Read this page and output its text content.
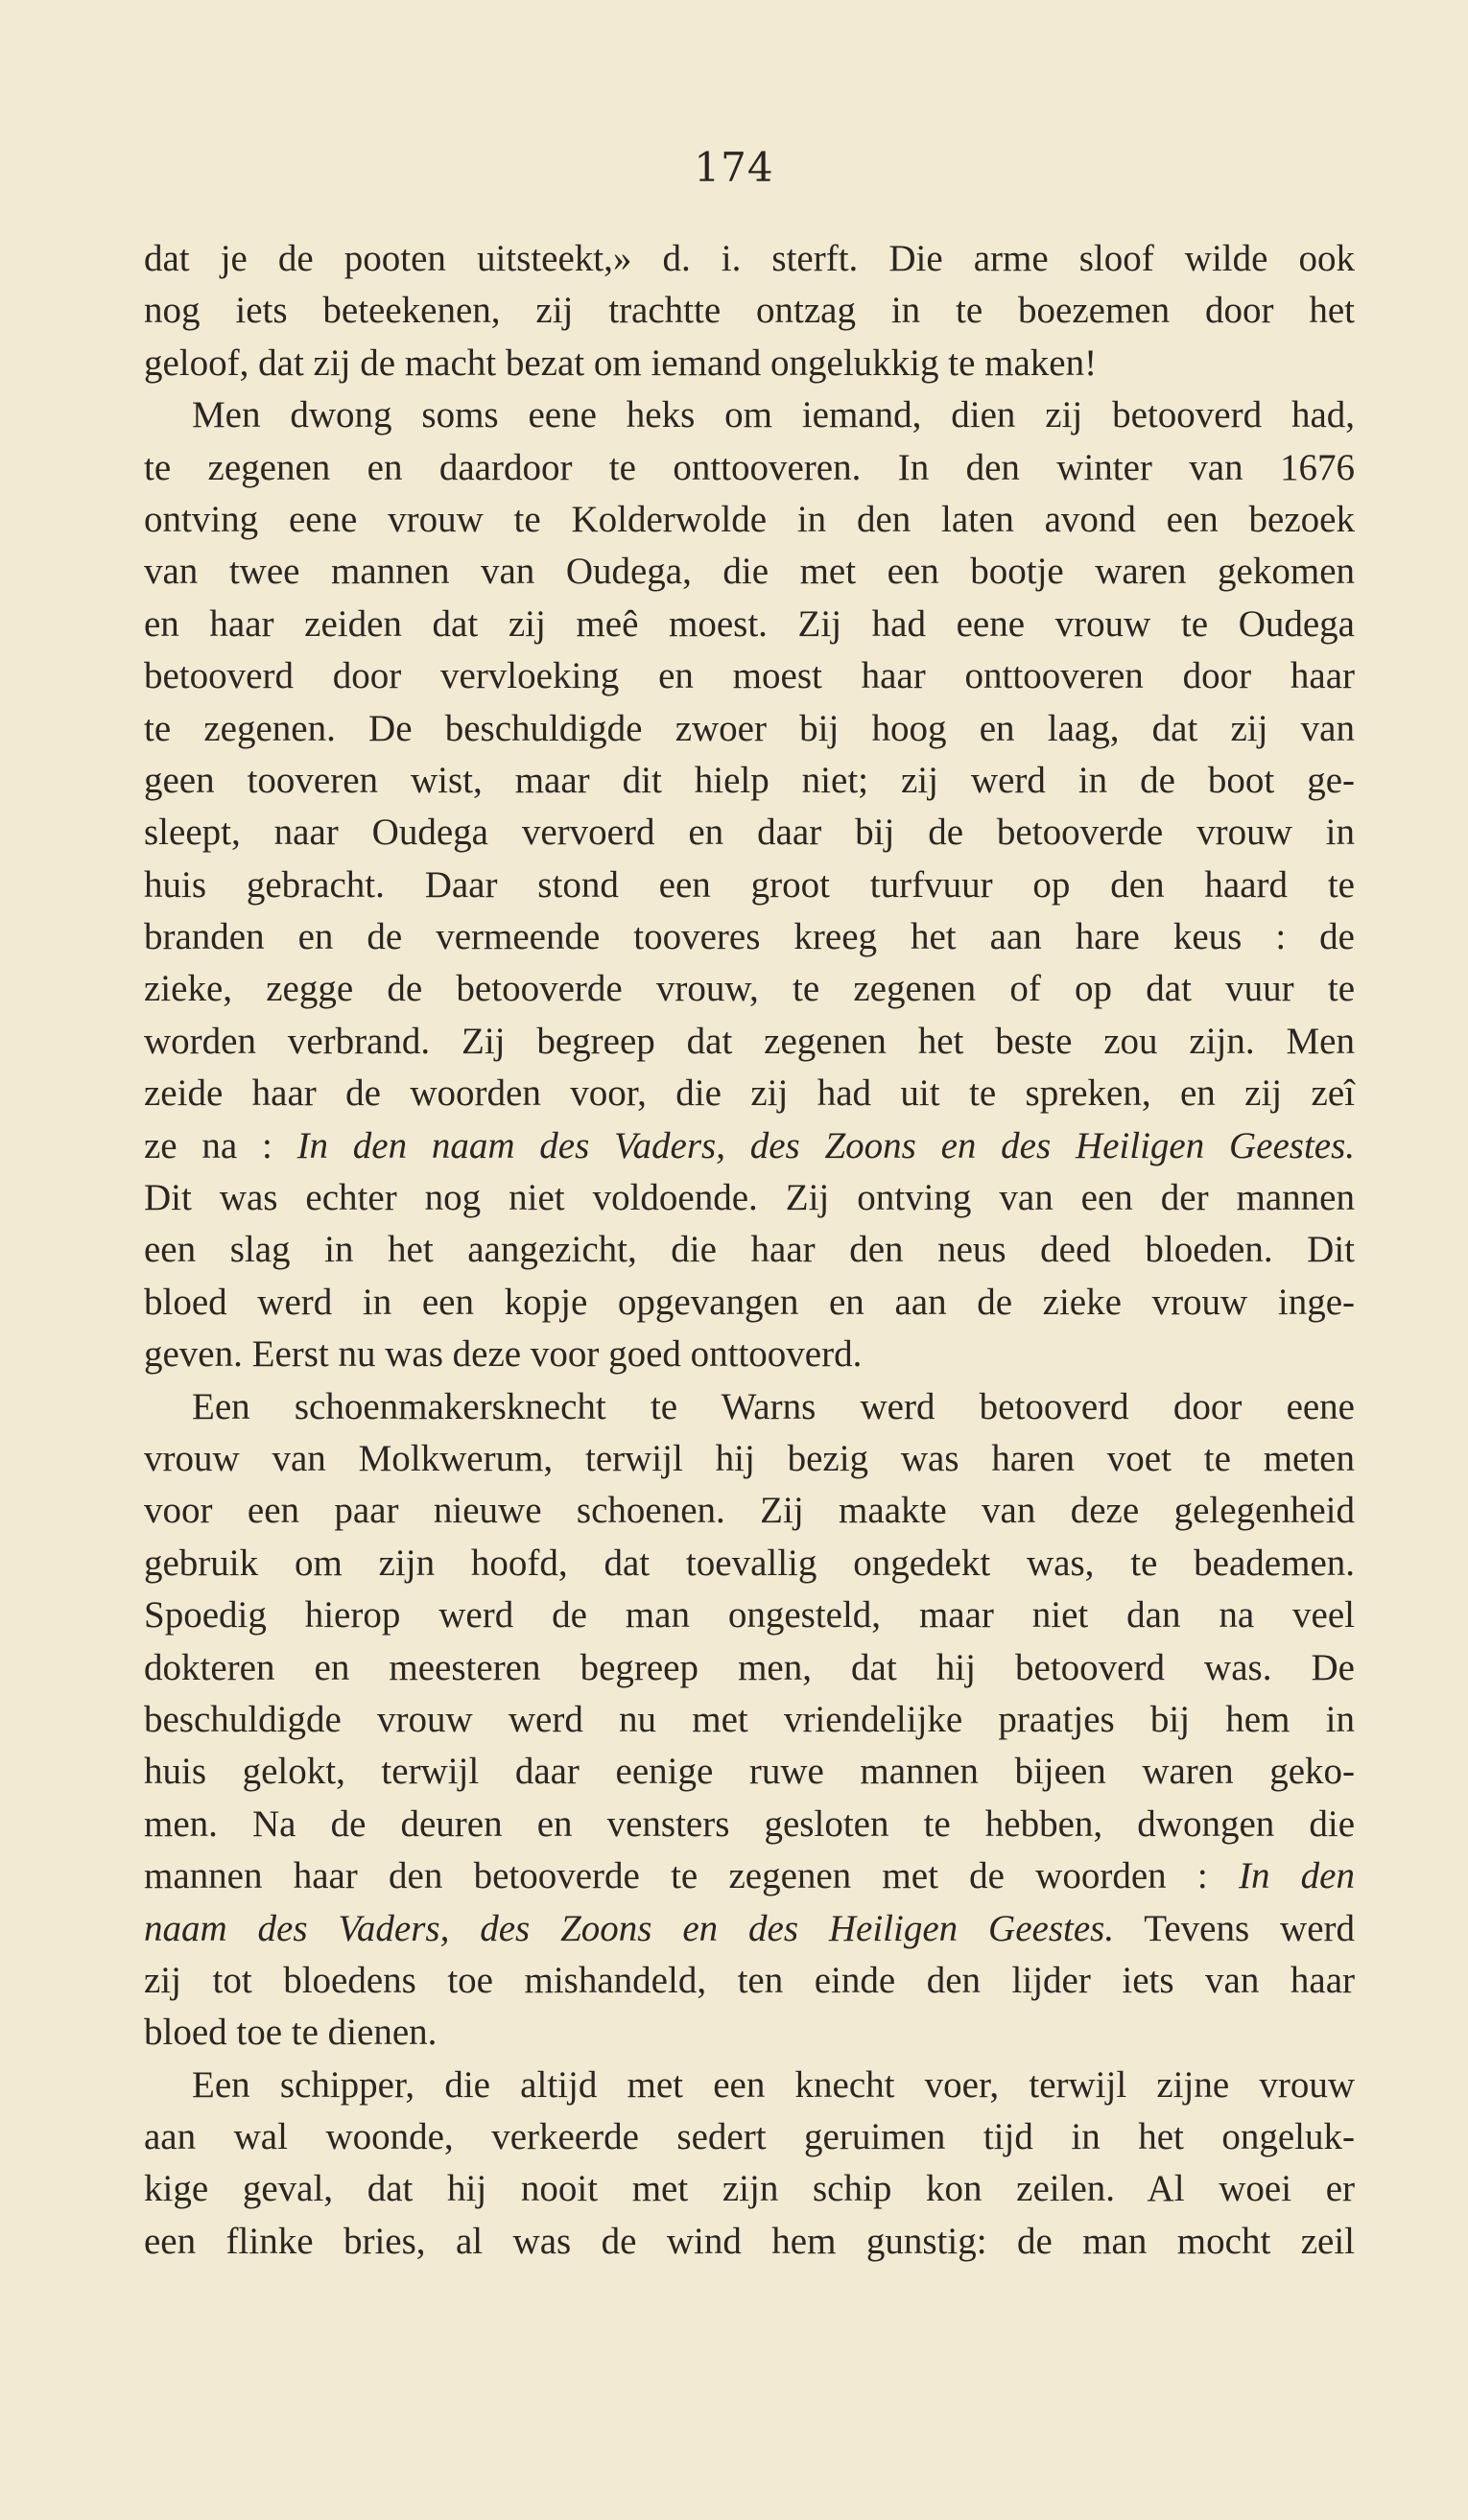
174
dat je de pooten uitsteekt,» d. i. sterft. Die arme sloof wilde ook
nog iets beteekenen, zij trachtte ontzag in te boezemen door het
geloof, dat zij de macht bezat om iemand ongelukkig te maken!
Men dwong soms eene heks om iemand, dien zij betooverd had,
te zegenen en daardoor te onttooveren. In den winter van 1676
ontving eene vrouw te Kolderwolde in den laten avond een bezoek
van twee mannen van Oudega, die met een bootje waren gekomen
en haar zeiden dat zij meê moest. Zij had eene vrouw te Oudega
betooverd door vervloeking en moest haar onttooveren door haar
te zegenen. De beschuldigde zwoer bij hoog en laag, dat zij van
geen tooveren wist, maar dit hielp niet; zij werd in de boot ge-
sleept, naar Oudega vervoerd en daar bij de betooverde vrouw in
huis gebracht. Daar stond een groot turfvuur op den haard te
branden en de vermeende tooveres kreeg het aan hare keus : de
zieke, zegge de betooverde vrouw, te zegenen of op dat vuur te
worden verbrand. Zij begreep dat zegenen het beste zou zijn. Men
zeide haar de woorden voor, die zij had uit te spreken, en zij zeî
ze na : In den naam des Vaders, des Zoons en des Heiligen Geestes.
Dit was echter nog niet voldoende. Zij ontving van een der mannen
een slag in het aangezicht, die haar den neus deed bloeden. Dit
bloed werd in een kopje opgevangen en aan de zieke vrouw inge-
geven. Eerst nu was deze voor goed onttooverd.
Een schoenmakersknecht te Warns werd betooverd door eene
vrouw van Molkwerum, terwijl hij bezig was haren voet te meten
voor een paar nieuwe schoenen. Zij maakte van deze gelegenheid
gebruik om zijn hoofd, dat toevallig ongedekt was, te beademen.
Spoedig hierop werd de man ongesteld, maar niet dan na veel
dokteren en meesteren begreep men, dat hij betooverd was. De
beschuldigde vrouw werd nu met vriendelijke praatjes bij hem in
huis gelokt, terwijl daar eenige ruwe mannen bijeen waren geko-
men. Na de deuren en vensters gesloten te hebben, dwongen die
mannen haar den betooverde te zegenen met de woorden : In den
naam des Vaders, des Zoons en des Heiligen Geestes. Tevens werd
zij tot bloedens toe mishandeld, ten einde den lijder iets van haar
bloed toe te dienen.
Een schipper, die altijd met een knecht voer, terwijl zijne vrouw
aan wal woonde, verkeerde sedert geruimen tijd in het ongeluk-
kige geval, dat hij nooit met zijn schip kon zeilen. Al woei er
een flinke bries, al was de wind hem gunstig: de man mocht zeil
